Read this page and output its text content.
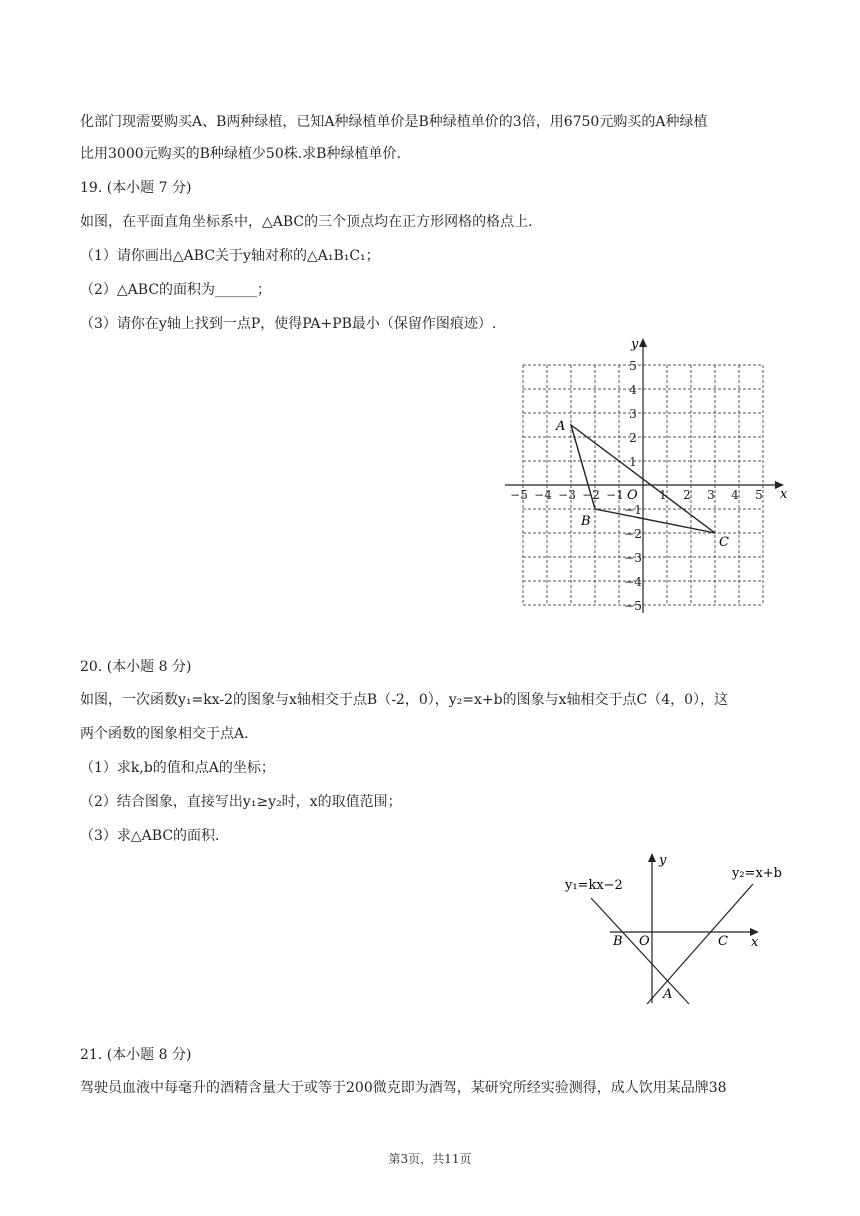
化部门现需要购买A、B两种绿植，已知A种绿植单价是B种绿植单价的3倍，用6750元购买的A种绿植
比用3000元购买的B种绿植少50株.求B种绿植单价.
19. (本小题 7 分)
如图，在平面直角坐标系中，△ABC的三个顶点均在正方形网格的格点上.
（1）请你画出△ABC关于y轴对称的△A₁B₁C₁；
（2）△ABC的面积为______；
（3）请你在y轴上找到一点P，使得PA+PB最小（保留作图痕迹）.
x
y
O
−5 −4 −3 −2 −1	1 2 3 4 5
5
4
3
2
1
−1
−2
−3
−4
−5
A
B
C
20. (本小题 8 分)
如图，一次函数y₁=kx-2的图象与x轴相交于点B（-2，0），y₂=x+b的图象与x轴相交于点C（4，0），这
两个函数的图象相交于点A.
（1）求k,b的值和点A的坐标；
（2）结合图象，直接写出y₁≥y₂时，x的取值范围；
（3）求△ABC的面积.
x
y
O
B	C
A
y₁=kx−2
y₂=x+b
21. (本小题 8 分)
驾驶员血液中每毫升的酒精含量大于或等于200微克即为酒驾，某研究所经实验测得，成人饮用某品牌38
第3页，共11页
